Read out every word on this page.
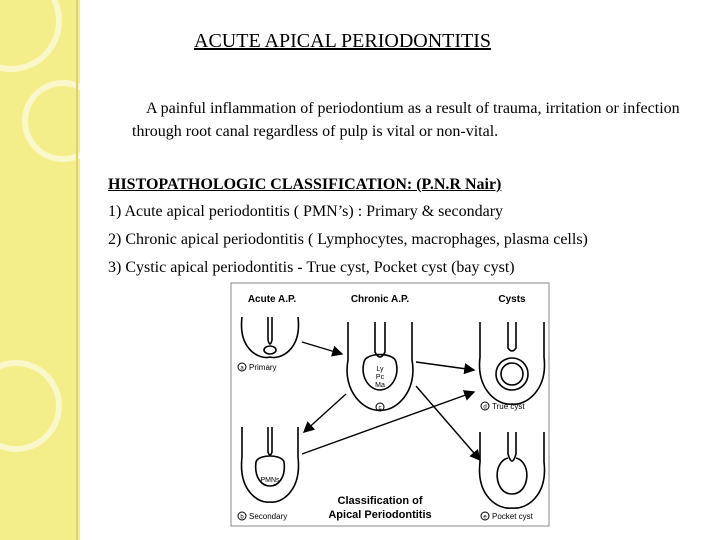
ACUTE APICAL PERIODONTITIS
A painful inflammation of periodontium as a result of trauma, irritation or infection through root canal regardless of pulp is vital or non-vital.
HISTOPATHOLOGIC CLASSIFICATION: (P.N.R Nair)
1) Acute apical periodontitis ( PMN’s) : Primary & secondary
2) Chronic apical periodontitis ( Lymphocytes, macrophages, plasma cells)
3) Cystic apical periodontitis - True cyst, Pocket cyst (bay cyst)
Acute A.P.	Chronic A.P.	Cysts
a Primary	Ly
Pc
Ma
c	d True cyst
PMNs
b Secondary	e Pocket cyst
Classification of
Apical Periodontitis
